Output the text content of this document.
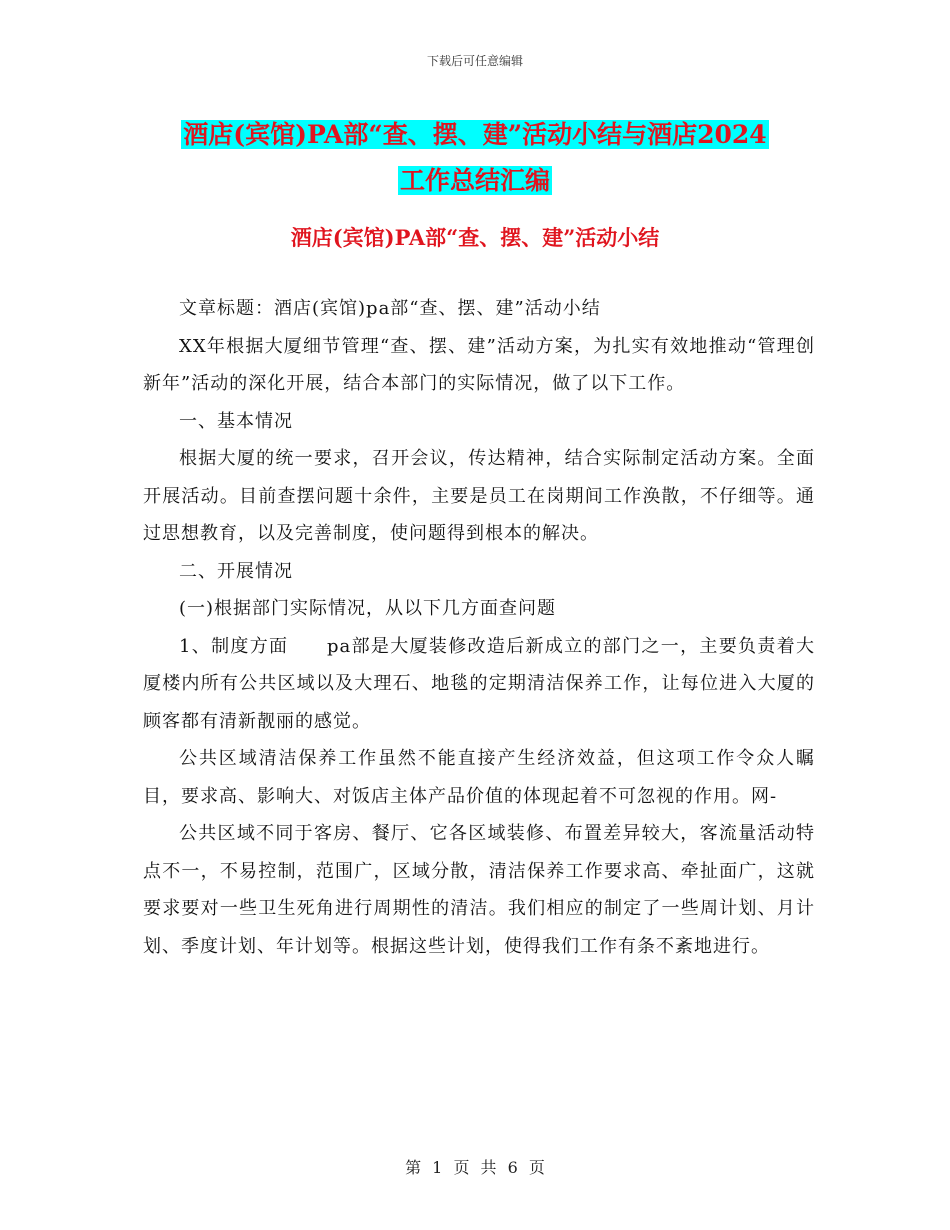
下载后可任意编辑
酒店(宾馆)PA部“查、摆、建”活动小结与酒店2024
工作总结汇编
酒店(宾馆)PA部“查、摆、建”活动小结

文章标题：酒店(宾馆)pa部“查、摆、建”活动小结

XX年根据大厦细节管理“查、摆、建”活动方案，为扎实有效地推动“管理创新年”活动的深化开展，结合本部门的实际情况，做了以下工作。

一、基本情况

根据大厦的统一要求，召开会议，传达精神，结合实际制定活动方案。全面开展活动。目前查摆问题十余件，主要是员工在岗期间工作涣散，不仔细等。通过思想教育，以及完善制度，使问题得到根本的解决。

二、开展情况

(一)根据部门实际情况，从以下几方面查问题

1、制度方面　　pa部是大厦装修改造后新成立的部门之一，主要负责着大厦楼内所有公共区域以及大理石、地毯的定期清洁保养工作，让每位进入大厦的顾客都有清新靓丽的感觉。

公共区域清洁保养工作虽然不能直接产生经济效益，但这项工作令众人瞩目，要求高、影响大、对饭店主体产品价值的体现起着不可忽视的作用。网-

公共区域不同于客房、餐厅、它各区域装修、布置差异较大，客流量活动特点不一，不易控制，范围广，区域分散，清洁保养工作要求高、牵扯面广，这就要求要对一些卫生死角进行周期性的清洁。我们相应的制定了一些周计划、月计划、季度计划、年计划等。根据这些计划，使得我们工作有条不紊地进行。

第 1 页 共 6 页
